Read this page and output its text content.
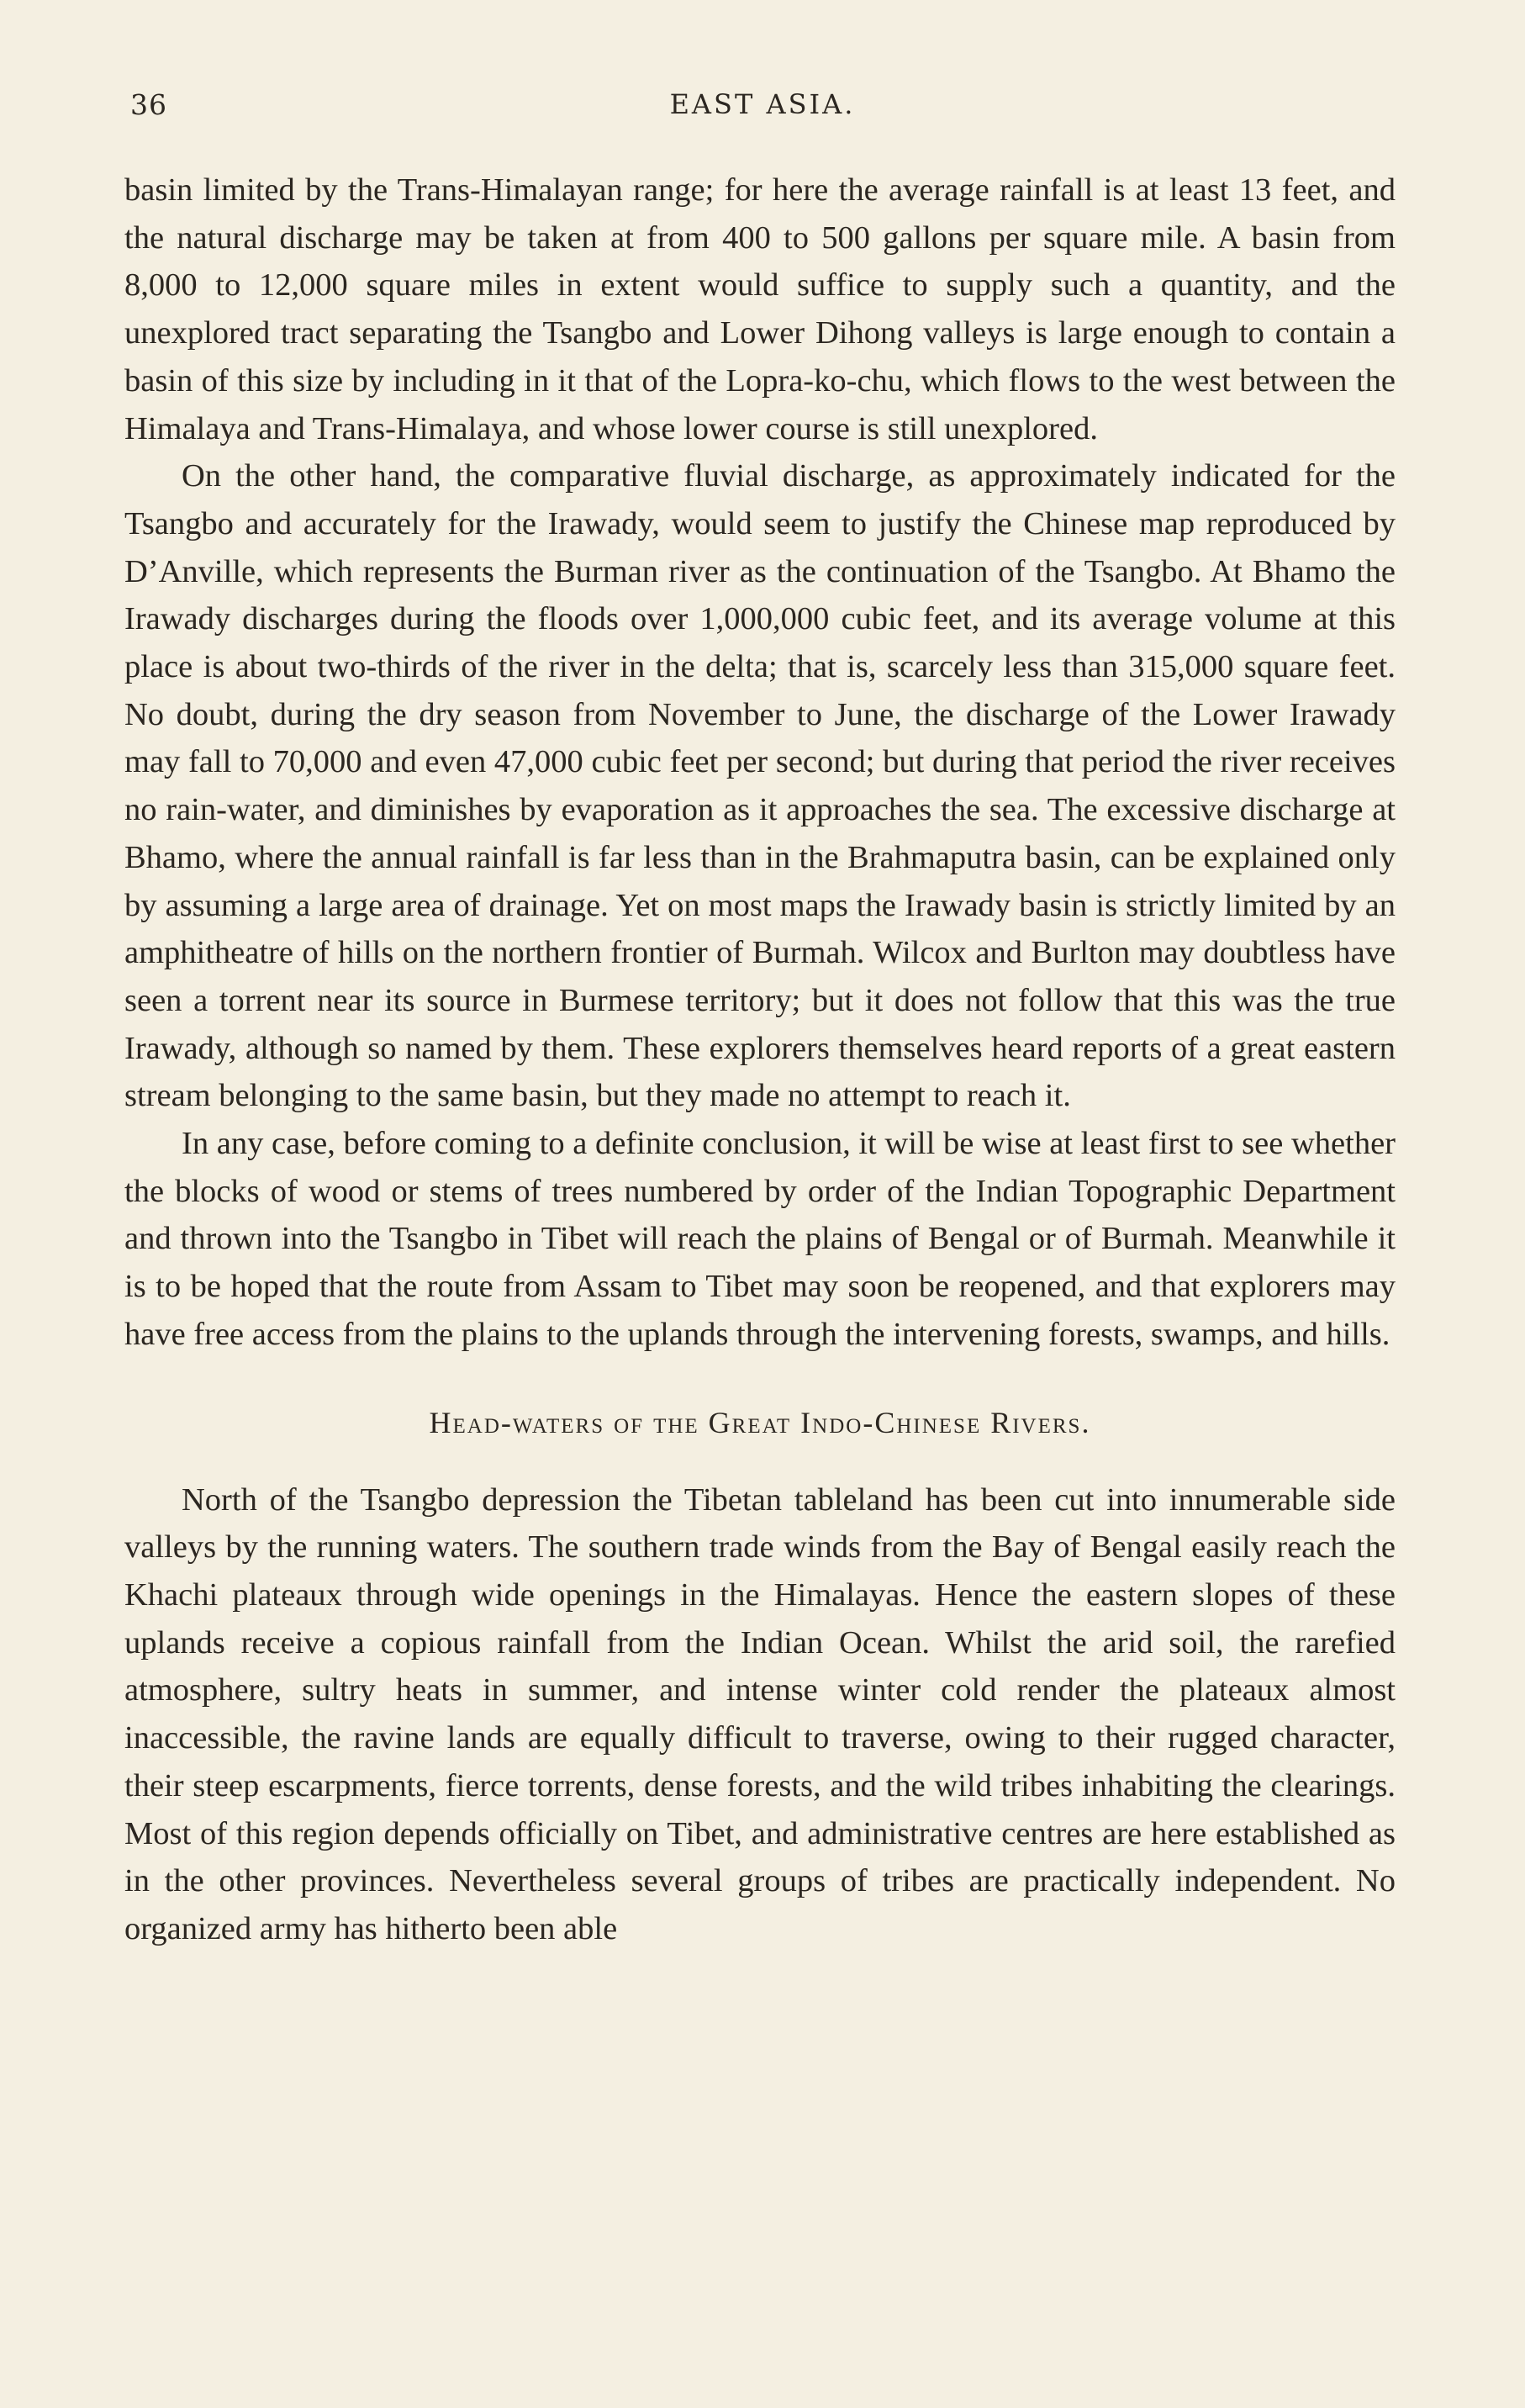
36	EAST ASIA.

basin limited by the Trans-Himalayan range; for here the average rainfall is at least 13 feet, and the natural discharge may be taken at from 400 to 500 gallons per square mile. A basin from 8,000 to 12,000 square miles in extent would suffice to supply such a quantity, and the unexplored tract separating the Tsangbo and Lower Dihong valleys is large enough to contain a basin of this size by including in it that of the Lopra-ko-chu, which flows to the west between the Himalaya and Trans-Himalaya, and whose lower course is still unexplored.

On the other hand, the comparative fluvial discharge, as approximately indicated for the Tsangbo and accurately for the Irawady, would seem to justify the Chinese map reproduced by D’Anville, which represents the Burman river as the continuation of the Tsangbo. At Bhamo the Irawady discharges during the floods over 1,000,000 cubic feet, and its average volume at this place is about two-thirds of the river in the delta; that is, scarcely less than 315,000 square feet. No doubt, during the dry season from November to June, the discharge of the Lower Irawady may fall to 70,000 and even 47,000 cubic feet per second; but during that period the river receives no rain-water, and diminishes by evaporation as it approaches the sea. The excessive discharge at Bhamo, where the annual rainfall is far less than in the Brahmaputra basin, can be explained only by assuming a large area of drainage. Yet on most maps the Irawady basin is strictly limited by an amphitheatre of hills on the northern frontier of Burmah. Wilcox and Burlton may doubtless have seen a torrent near its source in Burmese territory; but it does not follow that this was the true Irawady, although so named by them. These explorers themselves heard reports of a great eastern stream belonging to the same basin, but they made no attempt to reach it.

In any case, before coming to a definite conclusion, it will be wise at least first to see whether the blocks of wood or stems of trees numbered by order of the Indian Topographic Department and thrown into the Tsangbo in Tibet will reach the plains of Bengal or of Burmah. Meanwhile it is to be hoped that the route from Assam to Tibet may soon be reopened, and that explorers may have free access from the plains to the uplands through the intervening forests, swamps, and hills.

Head-waters of the Great Indo-Chinese Rivers.

North of the Tsangbo depression the Tibetan tableland has been cut into innumerable side valleys by the running waters. The southern trade winds from the Bay of Bengal easily reach the Khachi plateaux through wide openings in the Himalayas. Hence the eastern slopes of these uplands receive a copious rainfall from the Indian Ocean. Whilst the arid soil, the rarefied atmosphere, sultry heats in summer, and intense winter cold render the plateaux almost inaccessible, the ravine lands are equally difficult to traverse, owing to their rugged character, their steep escarpments, fierce torrents, dense forests, and the wild tribes inhabiting the clearings. Most of this region depends officially on Tibet, and administrative centres are here established as in the other provinces. Nevertheless several groups of tribes are practically independent. No organized army has hitherto been able
